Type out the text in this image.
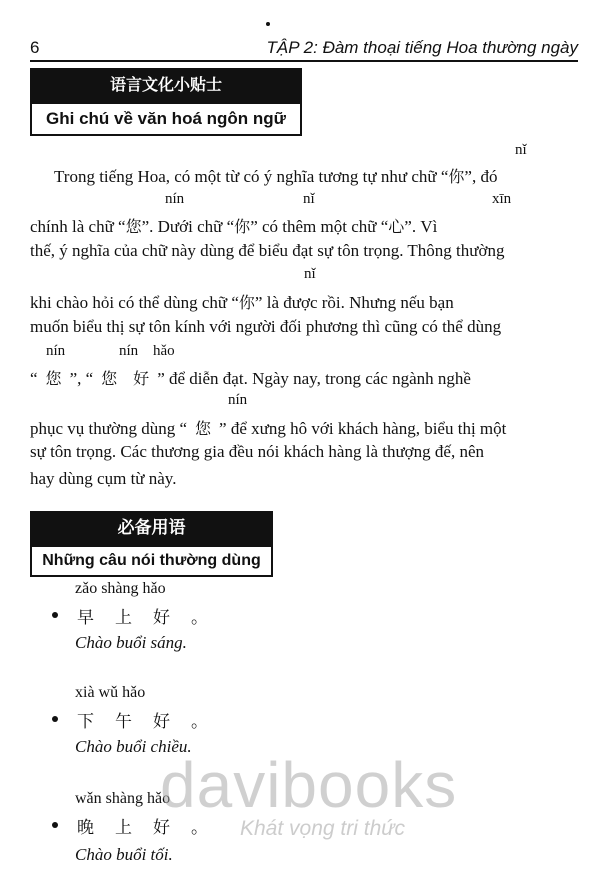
6	TẬP 2: Đàm thoại tiếng Hoa thường ngày
语言文化小贴士
Ghi chú về văn hoá ngôn ngữ
nǐ
Trong tiếng Hoa, có một từ có ý nghĩa tương tự như chữ “你”, đó
nín	nǐ	xīn
chính là chữ “您”. Dưới chữ “你” có thêm một chữ “心”. Vì
thế, ý nghĩa của chữ này dùng để biểu đạt sự tôn trọng. Thông thường
nǐ
khi chào hỏi có thể dùng chữ “你” là được rồi. Nhưng nếu bạn
muốn biểu thị sự tôn kính với người đối phương thì cũng có thể dùng
nín	nín hǎo
“ 您 ”, “ 您 好 ” để diễn đạt. Ngày nay, trong các ngành nghề
nín
phục vụ thường dùng “ 您 ” để xưng hô với khách hàng, biểu thị một
sự tôn trọng. Các thương gia đều nói khách hàng là thượng đế, nên
hay dùng cụm từ này.
必备用语
Những câu nói thường dùng
zǎo shàng hǎo
早上好。
Chào buổi sáng.
xià wǔ hǎo
下午好。
Chào buổi chiều.
wǎn shàng hǎo
晚上好。
Chào buổi tối.
davibooks
Khát vọng tri thức
